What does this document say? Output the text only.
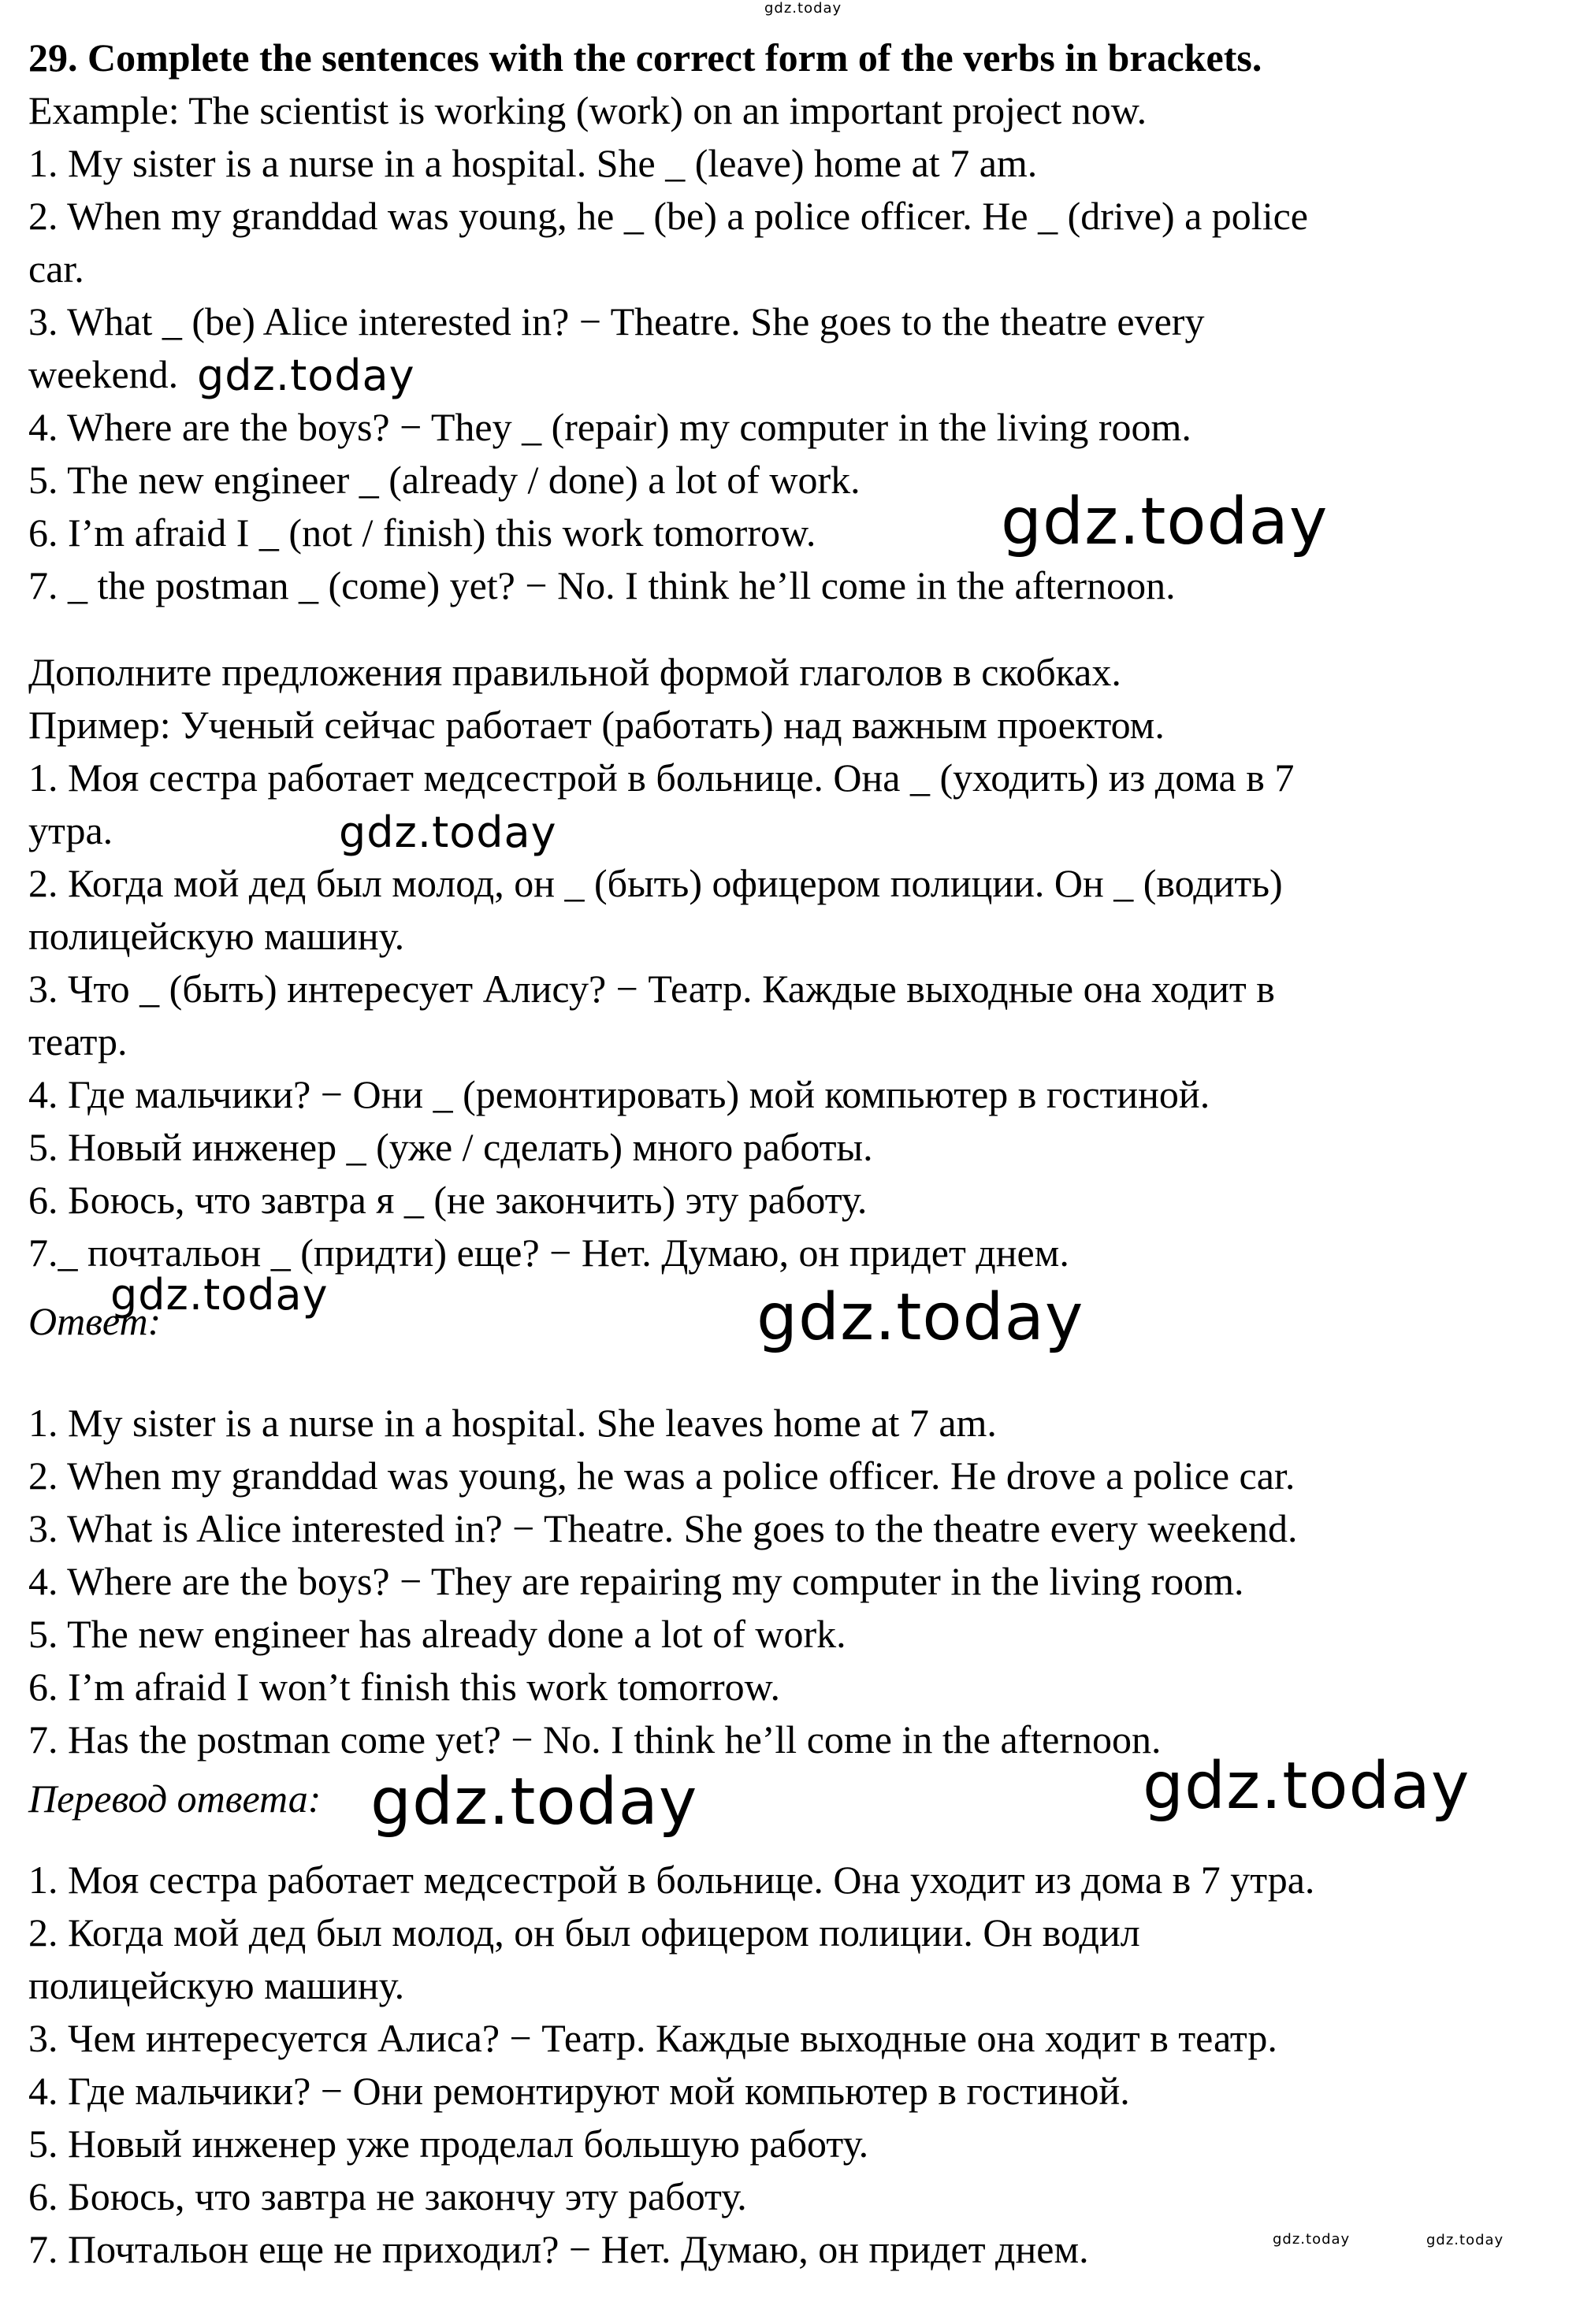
29. Complete the sentences with the correct form of the verbs in brackets.
Example: The scientist is working (work) on an important project now.
1. My sister is a nurse in a hospital. She _ (leave) home at 7 am.
2. When my granddad was young, he _ (be) a police officer. He _ (drive) a police
car.
3. What _ (be) Alice interested in? − Theatre. She goes to the theatre every
weekend.
4. Where are the boys? − They _ (repair) my computer in the living room.
5. The new engineer _ (already / done) a lot of work.
6. I’m afraid I _ (not / finish) this work tomorrow.
7. _ the postman _ (come) yet? − No. I think he’ll come in the afternoon.
Дополните предложения правильной формой глаголов в скобках.
Пример: Ученый сейчас работает (работать) над важным проектом.
1. Моя сестра работает медсестрой в больнице. Она _ (уходить) из дома в 7
утра.
2. Когда мой дед был молод, он _ (быть) офицером полиции. Он _ (водить)
полицейскую машину.
3. Что _ (быть) интересует Алису? − Театр. Каждые выходные она ходит в
театр.
4. Где мальчики? − Они _ (ремонтировать) мой компьютер в гостиной.
5. Новый инженер _ (уже / сделать) много работы.
6. Боюсь, что завтра я _ (не закончить) эту работу.
7._ почтальон _ (придти) еще? − Нет. Думаю, он придет днем.
Ответ:
1. My sister is a nurse in a hospital. She leaves home at 7 am.
2. When my granddad was young, he was a police officer. He drove a police car.
3. What is Alice interested in? − Theatre. She goes to the theatre every weekend.
4. Where are the boys? − They are repairing my computer in the living room.
5. The new engineer has already done a lot of work.
6. I’m afraid I won’t finish this work tomorrow.
7. Has the postman come yet? − No. I think he’ll come in the afternoon.
Перевод ответа:
1. Моя сестра работает медсестрой в больнице. Она уходит из дома в 7 утра.
2. Когда мой дед был молод, он был офицером полиции. Он водил
полицейскую машину.
3. Чем интересуется Алиса? − Театр. Каждые выходные она ходит в театр.
4. Где мальчики? − Они ремонтируют мой компьютер в гостиной.
5. Новый инженер уже проделал большую работу.
6. Боюсь, что завтра не закончу эту работу.
7. Почтальон еще не приходил? − Нет. Думаю, он придет днем.
gdz.today
gdz.today
gdz.today
gdz.today
gdz.today	gdz.today
gdz.today	gdz.today
gdz.today	gdz.today
